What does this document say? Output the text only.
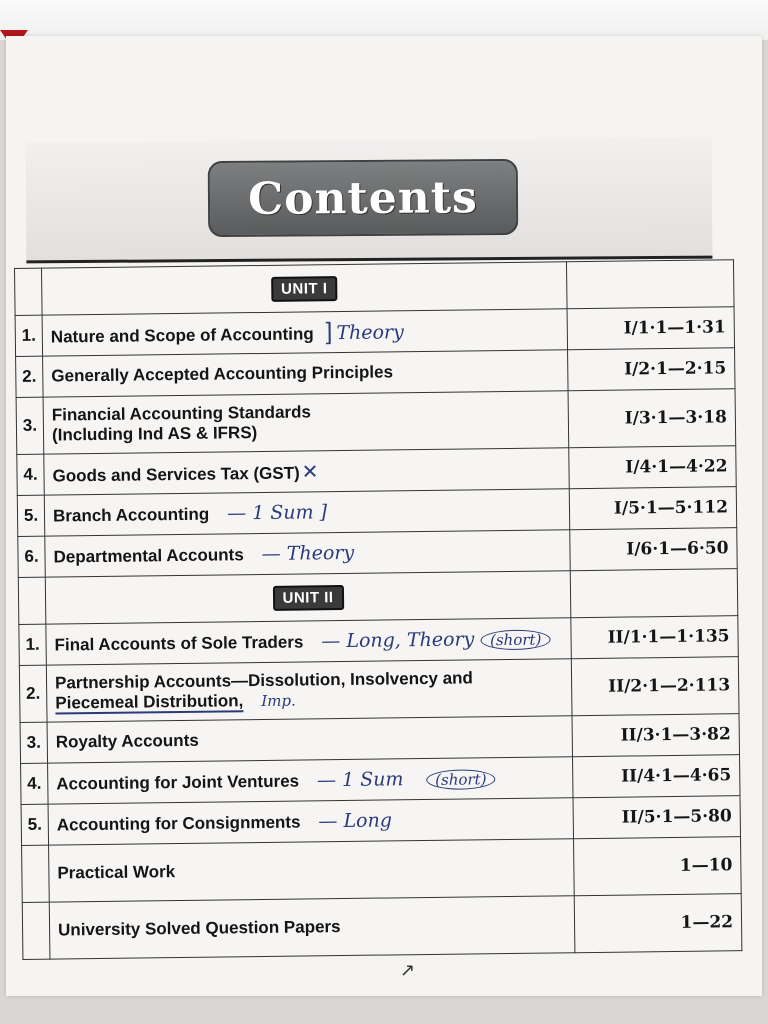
Contents
	UNIT I	
1.	Nature and Scope of Accounting ] Theory	I/1·1—1·31
2.	Generally Accepted Accounting Principles	I/2·1—2·15
3.	Financial Accounting Standards
(Including Ind AS & IFRS)	I/3·1—3·18
4.	Goods and Services Tax (GST)✕	I/4·1—4·22
5.	Branch Accounting — 1 Sum ]	I/5·1—5·112
6.	Departmental Accounts — Theory	I/6·1—6·50
	UNIT II	
1.	Final Accounts of Sole Traders — Long, Theory (short)	II/1·1—1·135
2.	Partnership Accounts—Dissolution, Insolvency and
Piecemeal Distribution, Imp.	II/2·1—2·113
3.	Royalty Accounts	II/3·1—3·82
4.	Accounting for Joint Ventures — 1 Sum (short)	II/4·1—4·65
5.	Accounting for Consignments — Long	II/5·1—5·80
	Practical Work	1—10
	University Solved Question Papers	1—22
↗
